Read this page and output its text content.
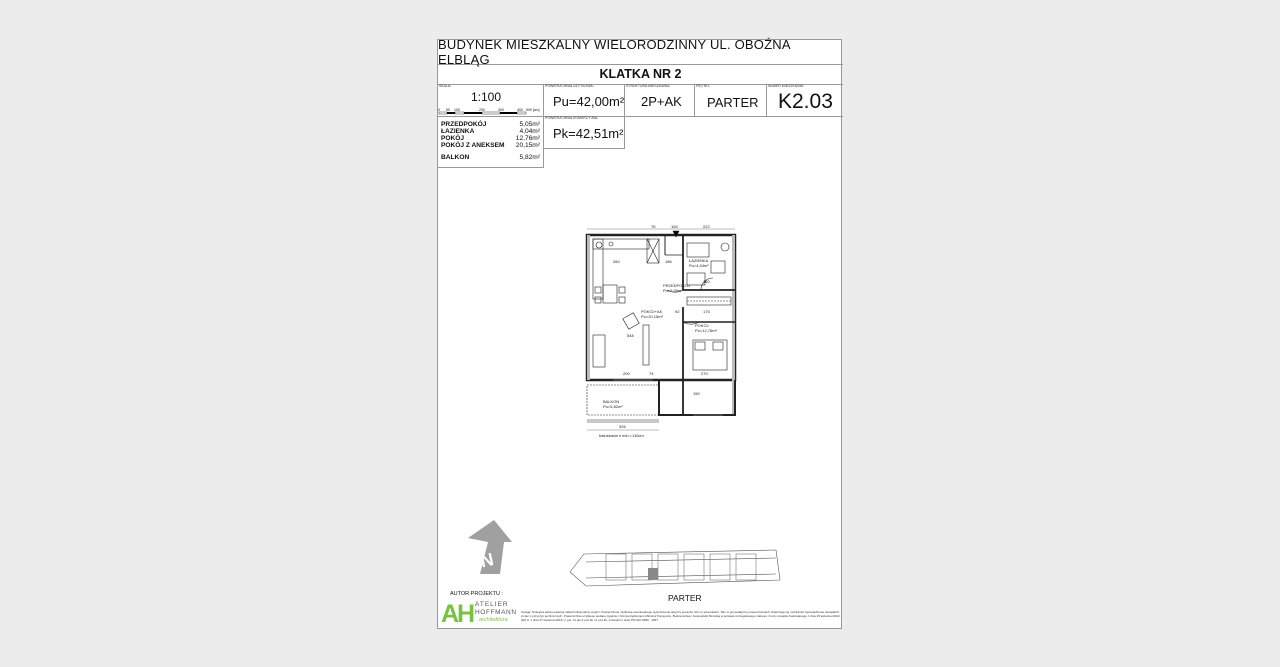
BUDYNEK MIESZKALNY WIELORODZINNY UL. OBOŹNA ELBLĄG
KLATKA NR 2
SKALA:
1:100
0 50 100	200	300	400 500 [cm]
POWIERZCHNIA UŻYTKOWA:
Pu=42,00m²
STRUKTURA MIESZKANIA:
2P+AK
PIĘTRO:
PARTER
NUMER MIESZKANIA:
K2.03
POWIERZCHNIA KOMERCYJNA:
Pk=42,51m²
PRZEDPOKÓJ	5,05m²
ŁAZIENKA	4,04m²
POKÓJ	12,76m²
POKÓJ Z ANEKSEM 20,15m²
BALKON	5,82m²
76	154	222
260	186
160
175
92
270
548
200	74
150
326
PRZEDPOKÓJ
Pu=5,05m²
ŁAZIENKA
Pu=4,04m²
POKÓJ+AK
Pu=20,15m²
POKÓJ
Pu=12,76m²
BALKON
Pu=5,82m²
balustrada h min.=110cm
N
PARTER
AUTOR PROJEKTU :
AH ATELIER
HOFFMANN
architektura
Uwaga: Niniejsza karta pokazuje układ funkcjonalny wnętrz. Powierzchnie użytkowe ewentualnego wykończenia dotyczy sposobu 3cm w stosunkach. Tam w pozostałych pomieszczeniach. Zastrzega się możliwość wprowadzenia niewielkich zmian z przyczyn technicznych. Powierzchnie użytkowe podane zgodnie z Rozporządzeniem Ministra Transportu, Budownictwa i Gospodarki Morskiej w sprawie szczegółowego zakresu i formy projektu budowlanego z dnia 25 kwietnia 2012r. (DZ.U. z dnia 27 kwietnia 2012r.) i par. 11 pkt 2 p.kt 2b i 2 p.kt 4b, zmianami i wraz PN-ISO 9836 : 1997
